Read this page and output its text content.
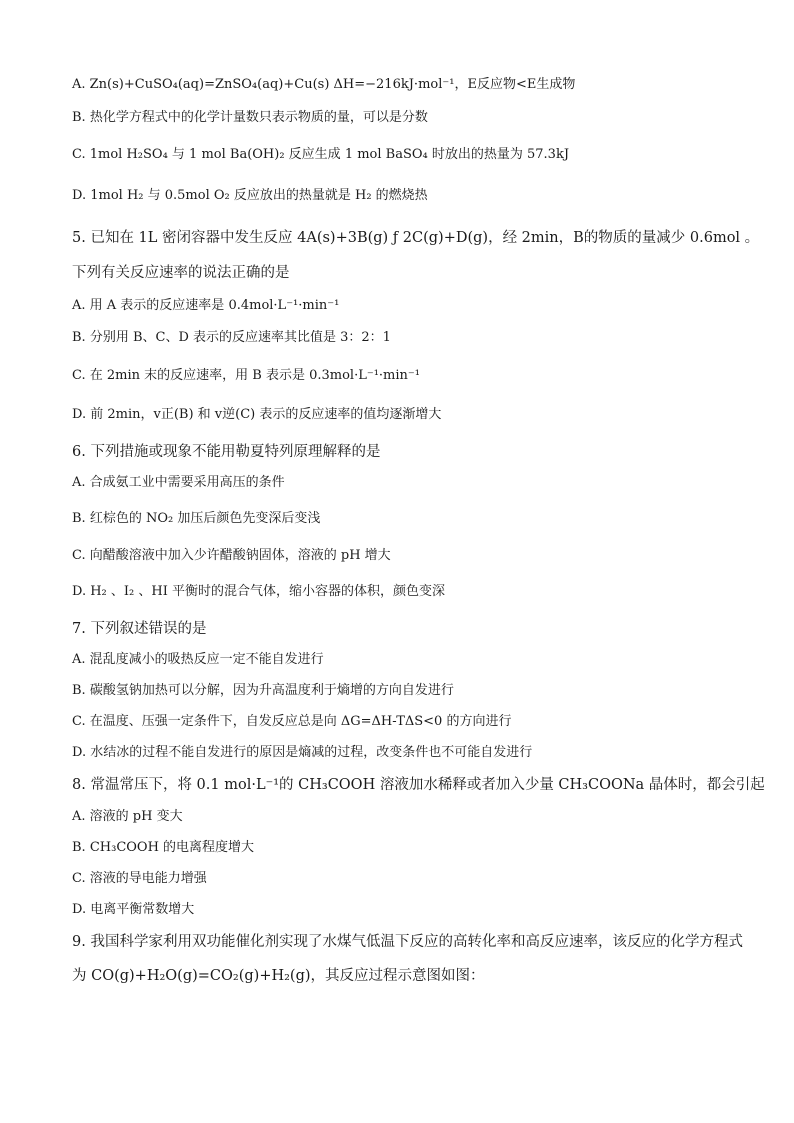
A. Zn(s)+CuSO₄(aq)=ZnSO₄(aq)+Cu(s) ΔH=−216kJ·mol⁻¹，E反应物<E生成物
B. 热化学方程式中的化学计量数只表示物质的量，可以是分数
C. 1mol H₂SO₄ 与 1 mol Ba(OH)₂ 反应生成 1 mol BaSO₄ 时放出的热量为 57.3kJ
D. 1mol H₂ 与 0.5mol O₂ 反应放出的热量就是 H₂ 的燃烧热
5. 已知在 1L 密闭容器中发生反应 4A(s)+3B(g) ƒ 2C(g)+D(g)，经 2min，B的物质的量减少 0.6mol 。
下列有关反应速率的说法正确的是
A. 用 A 表示的反应速率是 0.4mol·L⁻¹·min⁻¹
B. 分别用 B、C、D 表示的反应速率其比值是 3：2：1
C. 在 2min 末的反应速率，用 B 表示是 0.3mol·L⁻¹·min⁻¹
D. 前 2min，v正(B) 和 v逆(C) 表示的反应速率的值均逐渐增大
6. 下列措施或现象不能用勒夏特列原理解释的是
A. 合成氨工业中需要采用高压的条件
B. 红棕色的 NO₂ 加压后颜色先变深后变浅
C. 向醋酸溶液中加入少许醋酸钠固体，溶液的 pH 增大
D. H₂ 、I₂ 、HI 平衡时的混合气体，缩小容器的体积，颜色变深
7. 下列叙述错误的是
A. 混乱度减小的吸热反应一定不能自发进行
B. 碳酸氢钠加热可以分解，因为升高温度利于熵增的方向自发进行
C. 在温度、压强一定条件下，自发反应总是向 ΔG=ΔH-TΔS<0 的方向进行
D. 水结冰的过程不能自发进行的原因是熵减的过程，改变条件也不可能自发进行
8. 常温常压下，将 0.1 mol·L⁻¹的 CH₃COOH 溶液加水稀释或者加入少量 CH₃COONa 晶体时，都会引起
A. 溶液的 pH 变大
B. CH₃COOH 的电离程度增大
C. 溶液的导电能力增强
D. 电离平衡常数增大
9. 我国科学家利用双功能催化剂实现了水煤气低温下反应的高转化率和高反应速率，该反应的化学方程式
为 CO(g)+H₂O(g)=CO₂(g)+H₂(g)，其反应过程示意图如图：
